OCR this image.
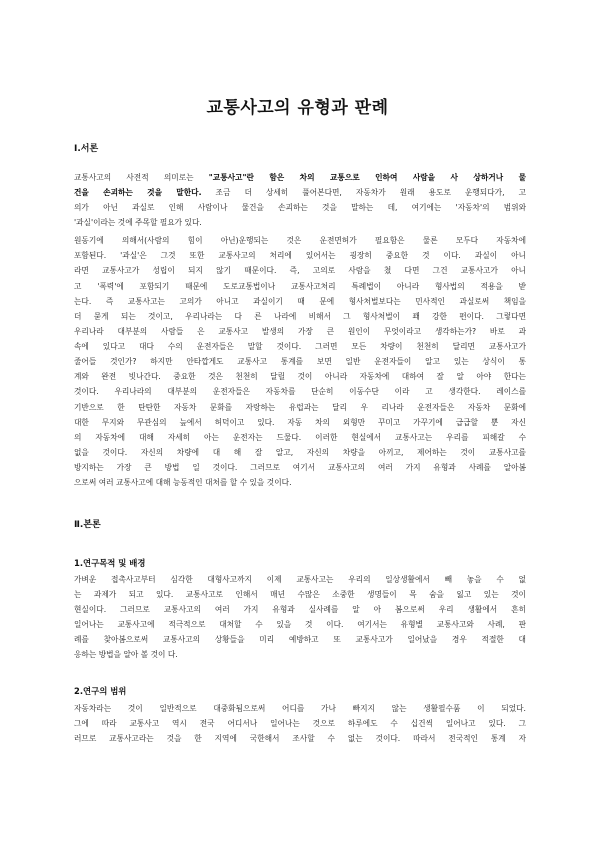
교통사고의 유형과 판례
Ⅰ.서론
교통사고의 사전적 의미로는 "교통사고"란 함은 차의 교통으로 인하여 사람을 사 상하거나 물
건을 손괴하는 것을 말한다. 조금 더 상세히 풀어본다면, 자동차가 원래 용도로 운행되다가, 고
의가 아닌 과실로 인해 사람이나 물건을 손괴하는 것을 말하는 데, 여기에는 '자동차'의 범위와
'과실'이라는 것에 주목할 필요가 있다.
원동기에 의해서(사람의 힘이 아닌)운행되는 것은 운전면허가 필요함은 물론 모두다 자동차에
포함된다. '과실'은 그것 또한 교통사고의 처리에 있어서는 굉장히 중요한 것 이다. 과실이 아니
라면 교통사고가 성립이 되지 않기 때문이다. 즉, 고의로 사람을 쳤 다면 그건 교통사고가 아니
고 '폭력'에 포함되기 때문에 도로교통법이나 교통사고처리 특례법이 아니라 형사법의 적용을 받
는다. 즉 교통사고는 고의가 아니고 과실이기 때 문에 형사처벌보다는 민사적인 과실로써 책임을
더 묻게 되는 것이고, 우리나라는 다 른 나라에 비해서 그 형사처벌이 꽤 강한 편이다. 그렇다면
우리나라 대부분의 사람들 은 교통사고 발생의 가장 큰 원인이 무엇이라고 생각하는가? 바로 과
속에 있다고 대다 수의 운전자들은 말할 것이다. 그러면 모든 차량이 천천히 달리면 교통사고가
줄어들 것인가? 하지만 안타깝게도 교통사고 통계를 보면 일반 운전자들이 알고 있는 상식이 통
계와 완전 빗나간다. 중요한 것은 천천히 달릴 것이 아니라 자동차에 대하여 잘 알 아야 한다는
것이다. 우리나라의 대부분의 운전자들은 자동차를 단순히 이동수단 이라 고 생각한다. 레이스를
기반으로 한 탄탄한 자동차 문화를 자랑하는 유럽과는 달리 우 리나라 운전자들은 자동차 문화에
대한 무지와 무관심의 늪에서 허덕이고 있다. 자동 차의 외형만 꾸미고 가꾸기에 급급할 뿐 자신
의 자동차에 대해 자세히 아는 운전자는 드물다. 이러한 현실에서 교통사고는 우리를 피해갈 수
없을 것이다. 자신의 차량에 대 해 잘 알고, 자신의 차량을 아끼고, 제어하는 것이 교통사고를
방지하는 가장 큰 방법 일 것이다. 그러므로 여기서 교통사고의 여러 가지 유형과 사례를 알아봄
으로써 여러 교통사고에 대해 능동적인 대처를 할 수 있을 것이다.
Ⅱ.본론
1.연구목적 및 배경
가벼운 접촉사고부터 심각한 대형사고까지 이제 교통사고는 우리의 일상생활에서 빼 놓을 수 없
는 과제가 되고 있다. 교통사고로 인해서 매년 수많은 소중한 생명들이 목 숨을 잃고 있는 것이
현실이다. 그러므로 교통사고의 여러 가지 유형과 실사례를 알 아 봄으로써 우리 생활에서 흔히
일어나는 교통사고에 적극적으로 대처할 수 있을 것 이다. 여기서는 유형별 교통사고와 사례, 판
례를 찾아봄으로써 교통사고의 상황들을 미리 예방하고 또 교통사고가 일어났을 경우 적절한 대
응하는 방법을 알아 볼 것이 다.
2.연구의 범위
자동차라는 것이 일반적으로 대중화됨으로써 어디를 가나 빠지지 않는 생활필수품 이 되었다.
그에 따라 교통사고 역시 전국 어디서나 일어나는 것으로 하루에도 수 십건씩 일어나고 있다. 그
러므로 교통사고라는 것을 한 지역에 국한해서 조사할 수 없는 것이다. 따라서 전국적인 통계 자
